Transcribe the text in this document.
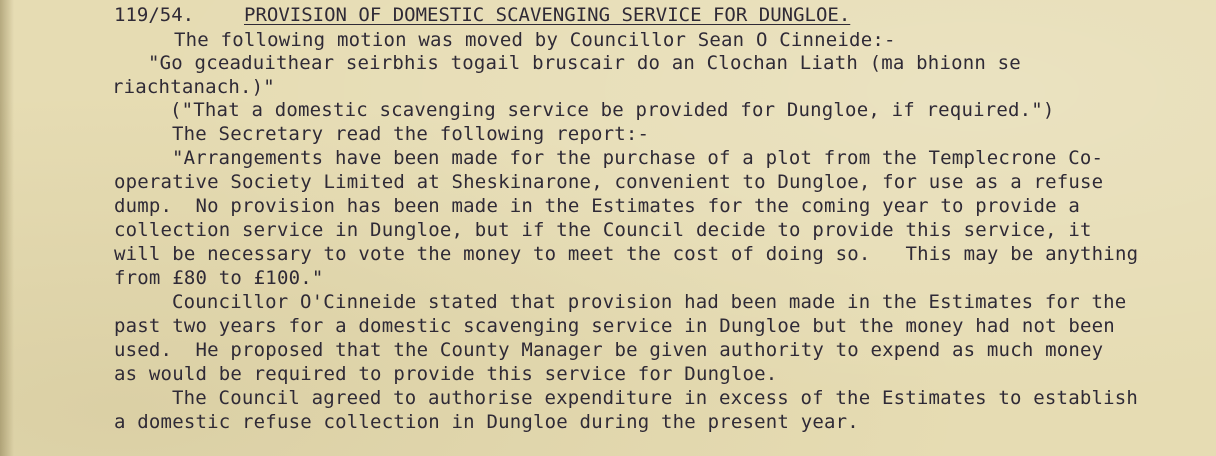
119/54.	PROVISION OF DOMESTIC SCAVENGING SERVICE FOR DUNGLOE.
The following motion was moved by Councillor Sean O Cinneide:-
"Go gceaduithear seirbhis togail bruscair do an Clochan Liath (ma bhionn se
riachtanach.)"
("That a domestic scavenging service be provided for Dungloe, if required.")
The Secretary read the following report:-
"Arrangements have been made for the purchase of a plot from the Templecrone Co-
operative Society Limited at Sheskinarone, convenient to Dungloe, for use as a refuse
dump.  No provision has been made in the Estimates for the coming year to provide a
collection service in Dungloe, but if the Council decide to provide this service, it
will be necessary to vote the money to meet the cost of doing so.   This may be anything
from £80 to £100."
Councillor O'Cinneide stated that provision had been made in the Estimates for the
past two years for a domestic scavenging service in Dungloe but the money had not been
used.  He proposed that the County Manager be given authority to expend as much money
as would be required to provide this service for Dungloe.
The Council agreed to authorise expenditure in excess of the Estimates to establish
a domestic refuse collection in Dungloe during the present year.
